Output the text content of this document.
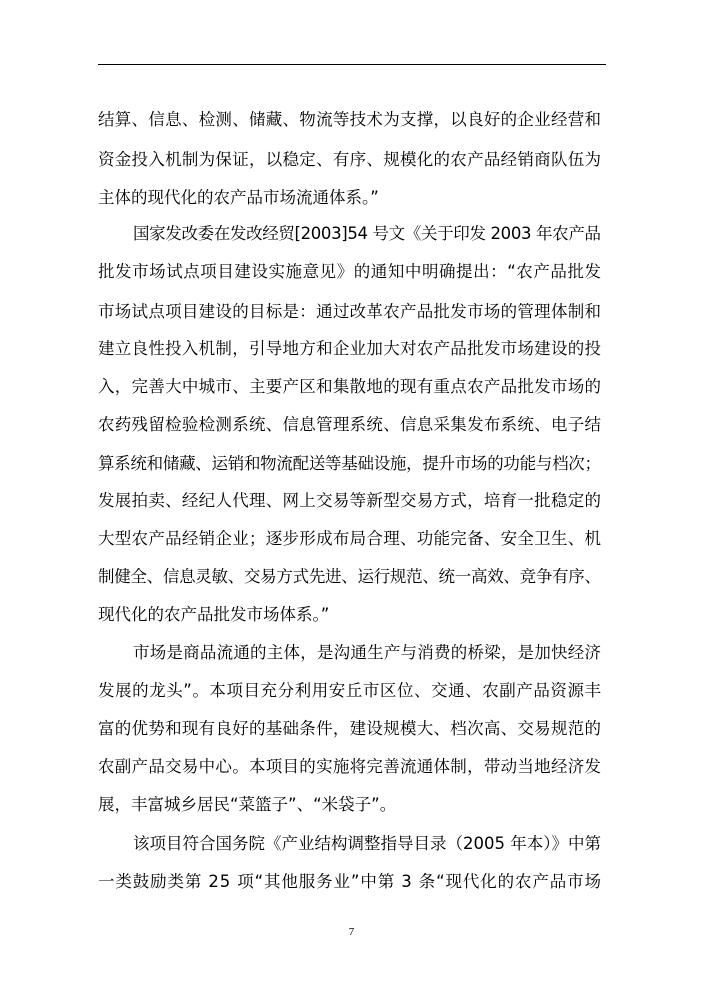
结算、信息、检测、储藏、物流等技术为支撑，以良好的企业经营和
资金投入机制为保证，以稳定、有序、规模化的农产品经销商队伍为
主体的现代化的农产品市场流通体系。”
国家发改委在发改经贸[2003]54 号文《关于印发 2003 年农产品
批发市场试点项目建设实施意见》的通知中明确提出：“农产品批发
市场试点项目建设的目标是：通过改革农产品批发市场的管理体制和
建立良性投入机制，引导地方和企业加大对农产品批发市场建设的投
入，完善大中城市、主要产区和集散地的现有重点农产品批发市场的
农药残留检验检测系统、信息管理系统、信息采集发布系统、电子结
算系统和储藏、运销和物流配送等基础设施，提升市场的功能与档次；
发展拍卖、经纪人代理、网上交易等新型交易方式，培育一批稳定的
大型农产品经销企业；逐步形成布局合理、功能完备、安全卫生、机
制健全、信息灵敏、交易方式先进、运行规范、统一高效、竞争有序、
现代化的农产品批发市场体系。”
市场是商品流通的主体，是沟通生产与消费的桥梁，是加快经济
发展的龙头”。本项目充分利用安丘市区位、交通、农副产品资源丰
富的优势和现有良好的基础条件，建设规模大、档次高、交易规范的
农副产品交易中心。本项目的实施将完善流通体制，带动当地经济发
展，丰富城乡居民“菜篮子”、“米袋子”。
该项目符合国务院《产业结构调整指导目录（2005 年本）》中第
一类鼓励类第 25 项“其他服务业”中第 3 条“现代化的农产品市场
7
